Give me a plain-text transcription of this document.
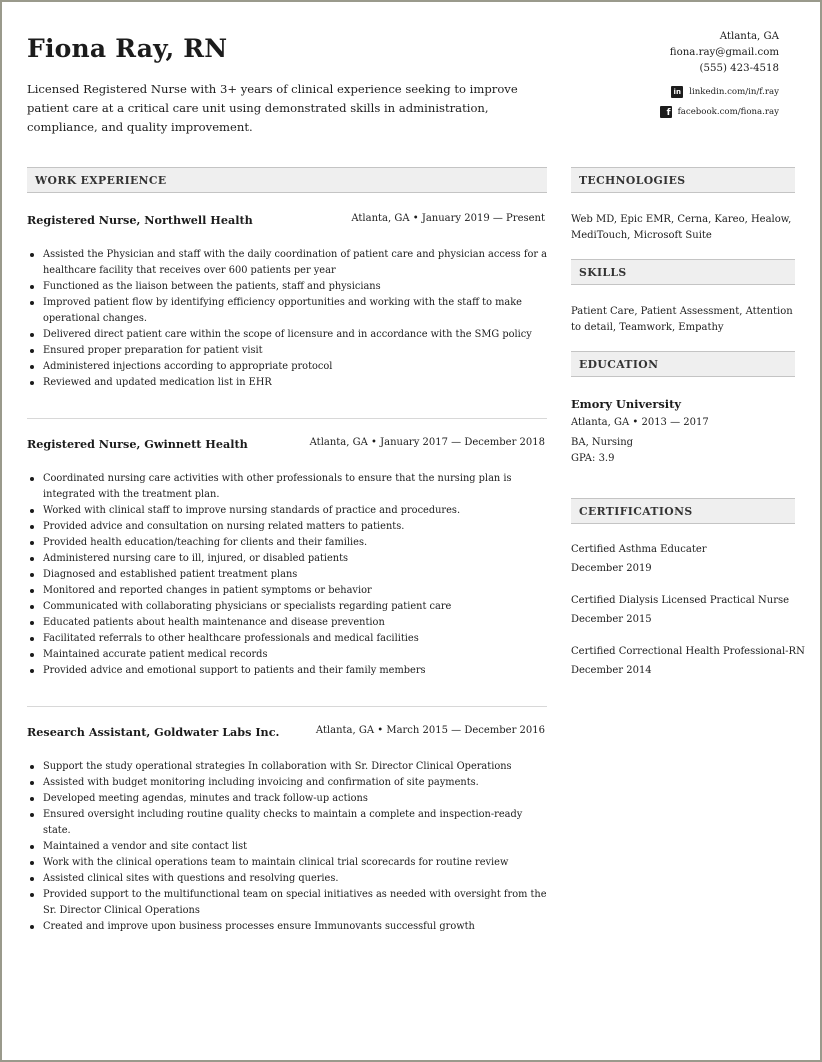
Fiona Ray, RN

Licensed Registered Nurse with 3+ years of clinical experience seeking to improve patient care at a critical care unit using demonstrated skills in administration, compliance, and quality improvement.

Atlanta, GA
fiona.ray@gmail.com
(555) 423-4518
in linkedin.com/in/f.ray
f facebook.com/fiona.ray
WORK EXPERIENCE
Registered Nurse, Northwell Health	Atlanta, GA • January 2019 — Present
Assisted the Physician and staff with the daily coordination of patient care and physician access for a healthcare facility that receives over 600 patients per year
Functioned as the liaison between the patients, staff and physicians
Improved patient flow by identifying efficiency opportunities and working with the staff to make operational changes.
Delivered direct patient care within the scope of licensure and in accordance with the SMG policy
Ensured proper preparation for patient visit
Administered injections according to appropriate protocol
Reviewed and updated medication list in EHR
Registered Nurse, Gwinnett Health	Atlanta, GA • January 2017 — December 2018
Coordinated nursing care activities with other professionals to ensure that the nursing plan is integrated with the treatment plan.
Worked with clinical staff to improve nursing standards of practice and procedures.
Provided advice and consultation on nursing related matters to patients.
Provided health education/teaching for clients and their families.
Administered nursing care to ill, injured, or disabled patients
Diagnosed and established patient treatment plans
Monitored and reported changes in patient symptoms or behavior
Communicated with collaborating physicians or specialists regarding patient care
Educated patients about health maintenance and disease prevention
Facilitated referrals to other healthcare professionals and medical facilities
Maintained accurate patient medical records
Provided advice and emotional support to patients and their family members
Research Assistant, Goldwater Labs Inc.	Atlanta, GA • March 2015 — December 2016
Support the study operational strategies In collaboration with Sr. Director Clinical Operations
Assisted with budget monitoring including invoicing and confirmation of site payments.
Developed meeting agendas, minutes and track follow-up actions
Ensured oversight including routine quality checks to maintain a complete and inspection-ready state.
Maintained a vendor and site contact list
Work with the clinical operations team to maintain clinical trial scorecards for routine review
Assisted clinical sites with questions and resolving queries.
Provided support to the multifunctional team on special initiatives as needed with oversight from the Sr. Director Clinical Operations
Created and improve upon business processes ensure Immunovants successful growth
TECHNOLOGIES
Web MD, Epic EMR, Cerna, Kareo, Healow, MediTouch, Microsoft Suite
SKILLS
Patient Care, Patient Assessment, Attention to detail, Teamwork, Empathy
EDUCATION
Emory University
Atlanta, GA • 2013 — 2017
BA, Nursing
GPA: 3.9
CERTIFICATIONS
Certified Asthma Educater
December 2019
Certified Dialysis Licensed Practical Nurse
December 2015
Certified Correctional Health Professional-RN
December 2014
